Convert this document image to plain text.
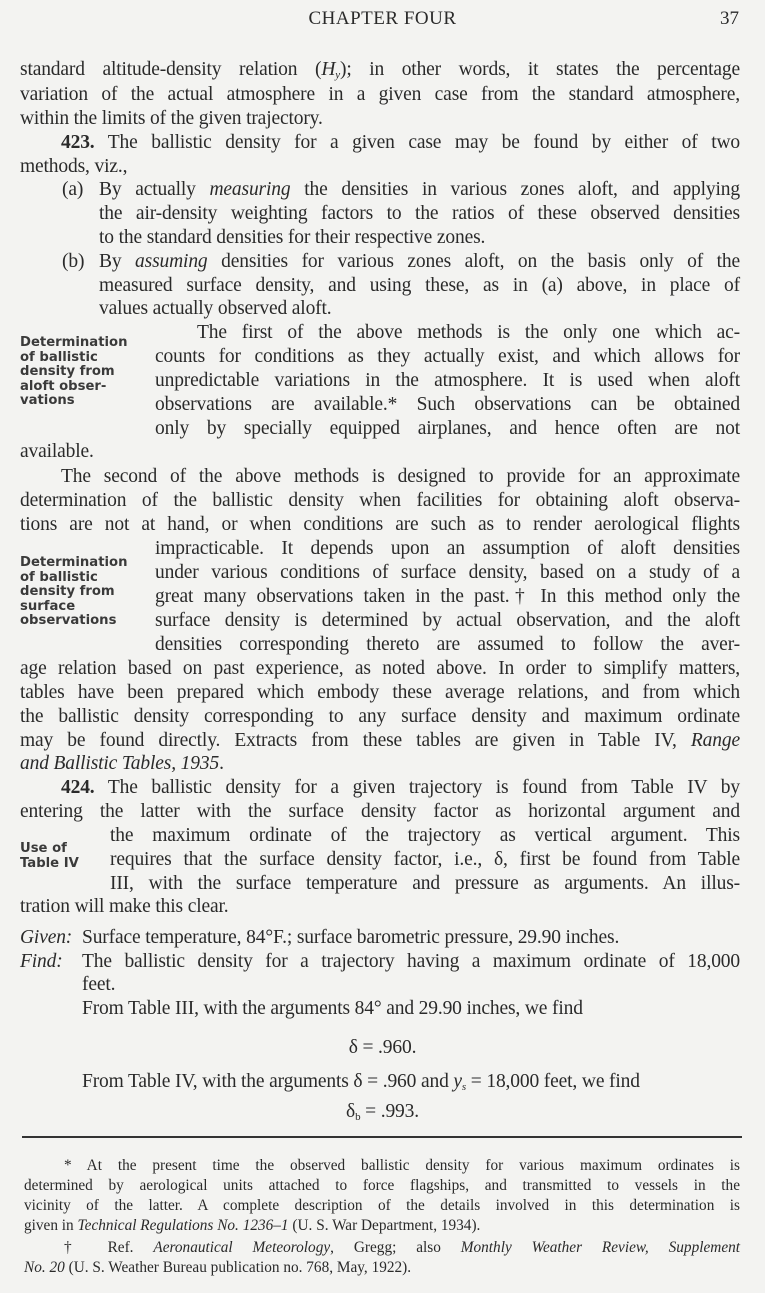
CHAPTER FOUR	37
standard altitude-density relation $(H_y)$; in other words, it states the percentage
variation of the actual atmosphere in a given case from the standard atmosphere,
within the limits of the given trajectory.
423. The ballistic density for a given case may be found by either of two
methods, viz.,
(a) By actually measuring the densities in various zones aloft, and applying
the air-density weighting factors to the ratios of these observed densities
to the standard densities for their respective zones.
(b) By assuming densities for various zones aloft, on the basis only of the
measured surface density, and using these, as in (a) above, in place of
values actually observed aloft.
Determination
of ballistic
density from
aloft obser-
vations
The first of the above methods is the only one which ac-
counts for conditions as they actually exist, and which allows for
unpredictable variations in the atmosphere. It is used when aloft
observations are available.* Such observations can be obtained
only by specially equipped airplanes, and hence often are not
available.
Determination
of ballistic
density from
surface
observations
The second of the above methods is designed to provide for an approximate
determination of the ballistic density when facilities for obtaining aloft observa-
tions are not at hand, or when conditions are such as to render aerological flights
impracticable. It depends upon an assumption of aloft densities
under various conditions of surface density, based on a study of a
great many observations taken in the past.† In this method only the
surface density is determined by actual observation, and the aloft
densities corresponding thereto are assumed to follow the aver-
age relation based on past experience, as noted above. In order to simplify matters,
tables have been prepared which embody these average relations, and from which
the ballistic density corresponding to any surface density and maximum ordinate
may be found directly. Extracts from these tables are given in Table IV, Range
and Ballistic Tables, 1935.
Use of
Table IV
424. The ballistic density for a given trajectory is found from Table IV by
entering the latter with the surface density factor as horizontal argument and
the maximum ordinate of the trajectory as vertical argument. This
requires that the surface density factor, i.e., δ, first be found from Table
III, with the surface temperature and pressure as arguments. An illus-
tration will make this clear.
Given: Surface temperature, 84°F.; surface barometric pressure, 29.90 inches.
Find: The ballistic density for a trajectory having a maximum ordinate of 18,000
feet.
From Table III, with the arguments 84° and 29.90 inches, we find
δ = .960.
From Table IV, with the arguments δ = .960 and $y_s = 18,000$ feet, we find
$\delta_b = .993$.
* At the present time the observed ballistic density for various maximum ordinates is
determined by aerological units attached to force flagships, and transmitted to vessels in the
vicinity of the latter. A complete description of the details involved in this determination is
given in Technical Regulations No. 1236–1 (U. S. War Department, 1934).
† Ref. Aeronautical Meteorology, Gregg; also Monthly Weather Review, Supplement
No. 20 (U. S. Weather Bureau publication no. 768, May, 1922).
